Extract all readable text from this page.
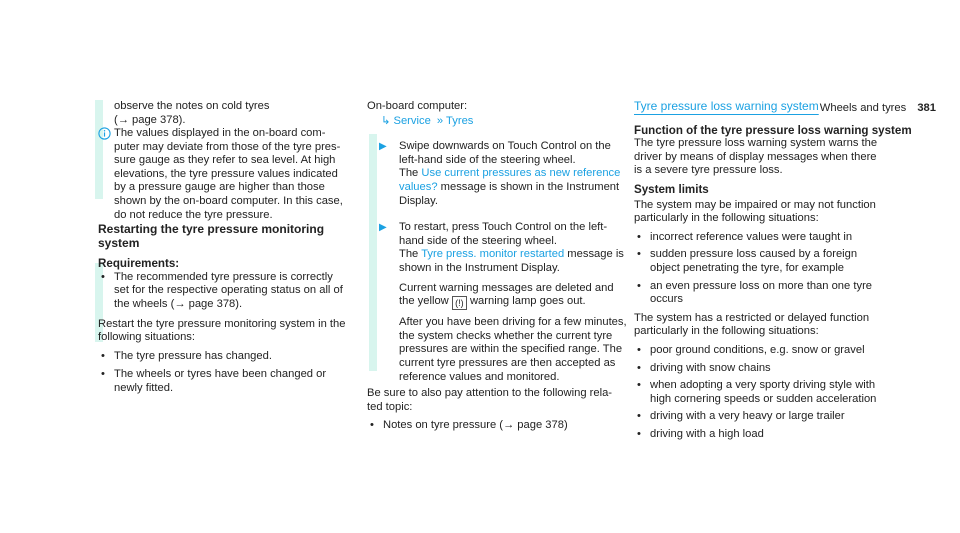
Wheels and tyres 381

observe the notes on cold tyres
(→ page 378).

The values displayed in the on-board com-
puter may deviate from those of the tyre pres-
sure gauge as they refer to sea level. At high
elevations, the tyre pressure values indicated
by a pressure gauge are higher than those
shown by the on-board computer. In this case,
do not reduce the tyre pressure.

Restarting the tyre pressure monitoring system

Requirements:

• The recommended tyre pressure is correctly
set for the respective operating status on all of
the wheels (→ page 378).

Restart the tyre pressure monitoring system in the
following situations:

• The tyre pressure has changed.
• The wheels or tyres have been changed or
newly fitted.

On-board computer:

↳ Service » Tyres

▶ Swipe downwards on Touch Control on the
left-hand side of the steering wheel.
The Use current pressures as new reference
values? message is shown in the Instrument
Display.

▶ To restart, press Touch Control on the left-
hand side of the steering wheel.
The Tyre press. monitor restarted message is
shown in the Instrument Display.

Current warning messages are deleted and
the yellow (!) warning lamp goes out.

After you have been driving for a few minutes,
the system checks whether the current tyre
pressures are within the specified range. The
current tyre pressures are then accepted as
reference values and monitored.

Be sure to also pay attention to the following rela-
ted topic:

• Notes on tyre pressure (→ page 378)

Tyre pressure loss warning system

Function of the tyre pressure loss warning system

The tyre pressure loss warning system warns the
driver by means of display messages when there
is a severe tyre pressure loss.

System limits

The system may be impaired or may not function
particularly in the following situations:

• incorrect reference values were taught in
• sudden pressure loss caused by a foreign
object penetrating the tyre, for example
• an even pressure loss on more than one tyre
occurs

The system has a restricted or delayed function
particularly in the following situations:

• poor ground conditions, e.g. snow or gravel
• driving with snow chains
• when adopting a very sporty driving style with
high cornering speeds or sudden acceleration
• driving with a very heavy or large trailer
• driving with a high load
